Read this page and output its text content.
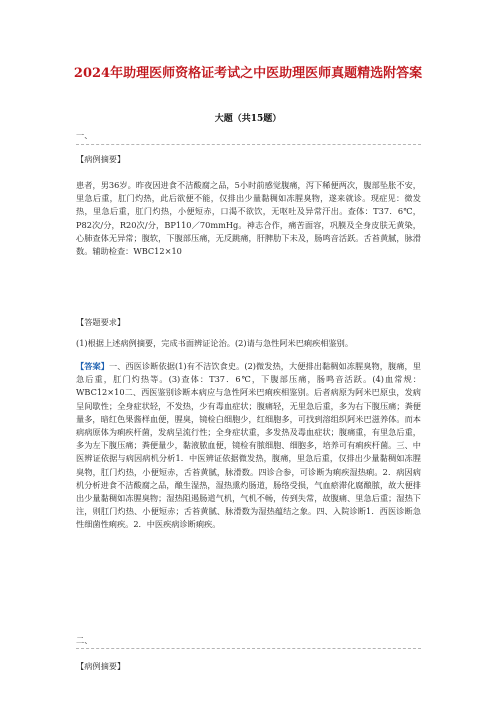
2024年助理医师资格证考试之中医助理医师真题精选附答案
大题（共15题）
一、
【病例摘要】

患者，男36岁。昨夜因进食不洁酸腐之品，5小时前感觉腹痛，泻下稀便两次，腹部坠胀不安，里急后重，肛门灼热，此后欲便不能，仅排出少量黏稠如冻腥臭物，遂来就诊。现症见：微发热，里急后重，肛门灼热，小便短赤，口渴不欲饮，无呕吐及异常汗出。查体：T37．6℃，P82次/分，R20次/分，BP110／70mmHg。神志合作，痛苦面容，巩膜及全身皮肤无黄染，心肺查体无异常；腹软，下腹部压痛，无反跳痛，肝脾肋下未及，肠鸣音活跃。舌苔黄腻，脉滑数。辅助检查：WBC12×10

【答题要求】
(1)根据上述病例摘要，完成书面辨证论治。(2)请与急性阿米巴痢疾相鉴别。

【答案】一、西医诊断依据(1)有不洁饮食史。(2)微发热，大便排出黏稠如冻腥臭物，腹痛，里急后重，肛门灼热等。(3)查体：T37．6℃，下腹部压痛，肠鸣音活跃。(4)血常规：WBC12×10二、西医鉴别诊断本病应与急性阿米巴痢疾相鉴别。后者病原为阿米巴原虫，发病呈间歇性；全身症状轻，不发热，少有毒血症状；腹痛轻，无里急后重，多为右下腹压痛；粪便量多，暗红色果酱样血便，腥臭，镜检白细胞少，红细胞多，可找到溶组织阿米巴滋养体。而本病病原体为痢疾杆菌，发病呈流行性；全身症状重，多发热及毒血症状；腹痛重，有里急后重，多为左下腹压痛；粪便量少，黏液脓血便，镜检有脓细胞、细胞多，培养可有痢疾杆菌。三、中医辨证依据与病因病机分析1．中医辨证依据微发热，腹痛，里急后重，仅排出少量黏稠如冻腥臭物，肛门灼热，小便短赤，舌苔黄腻，脉滑数。四诊合参，可诊断为痢疾湿热痢。2．病因病机分析进食不洁酸腐之品，酿生湿热，湿热熏灼肠道，肠络受损，气血瘀滞化腐酿脓，故大便排出少量黏稠如冻腥臭物；湿热阻遏肠道气机，气机不畅，传到失常，故腹痛、里急后重；湿热下注，则肛门灼热、小便短赤；舌苔黄腻、脉滑数为湿热蕴结之象。四、入院诊断1．西医诊断急性细菌性痢疾。2．中医疾病诊断痢疾。

二、
【病例摘要】
